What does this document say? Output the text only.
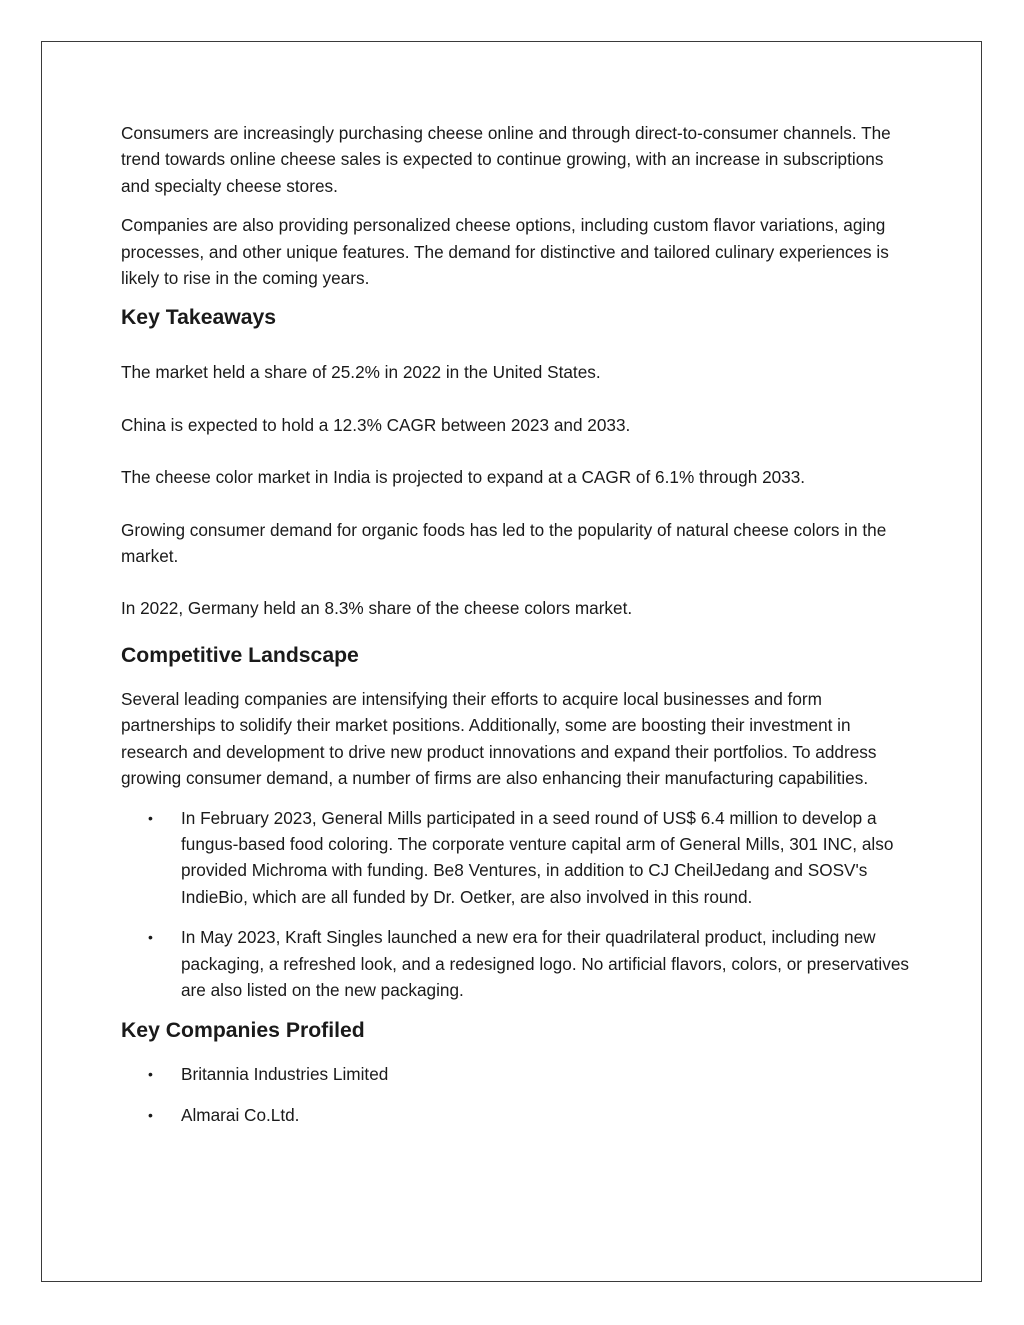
Consumers are increasingly purchasing cheese online and through direct-to-consumer channels. The trend towards online cheese sales is expected to continue growing, with an increase in subscriptions and specialty cheese stores.

Companies are also providing personalized cheese options, including custom flavor variations, aging processes, and other unique features. The demand for distinctive and tailored culinary experiences is likely to rise in the coming years.

Key Takeaways

The market held a share of 25.2% in 2022 in the United States.

China is expected to hold a 12.3% CAGR between 2023 and 2033.

The cheese color market in India is projected to expand at a CAGR of 6.1% through 2033.

Growing consumer demand for organic foods has led to the popularity of natural cheese colors in the market.

In 2022, Germany held an 8.3% share of the cheese colors market.

Competitive Landscape

Several leading companies are intensifying their efforts to acquire local businesses and form partnerships to solidify their market positions. Additionally, some are boosting their investment in research and development to drive new product innovations and expand their portfolios. To address growing consumer demand, a number of firms are also enhancing their manufacturing capabilities.

• In February 2023, General Mills participated in a seed round of US$ 6.4 million to develop a fungus-based food coloring. The corporate venture capital arm of General Mills, 301 INC, also provided Michroma with funding. Be8 Ventures, in addition to CJ CheilJedang and SOSV's IndieBio, which are all funded by Dr. Oetker, are also involved in this round.
• In May 2023, Kraft Singles launched a new era for their quadrilateral product, including new packaging, a refreshed look, and a redesigned logo. No artificial flavors, colors, or preservatives are also listed on the new packaging.
Key Companies Profiled
• Britannia Industries Limited
• Almarai Co.Ltd.
